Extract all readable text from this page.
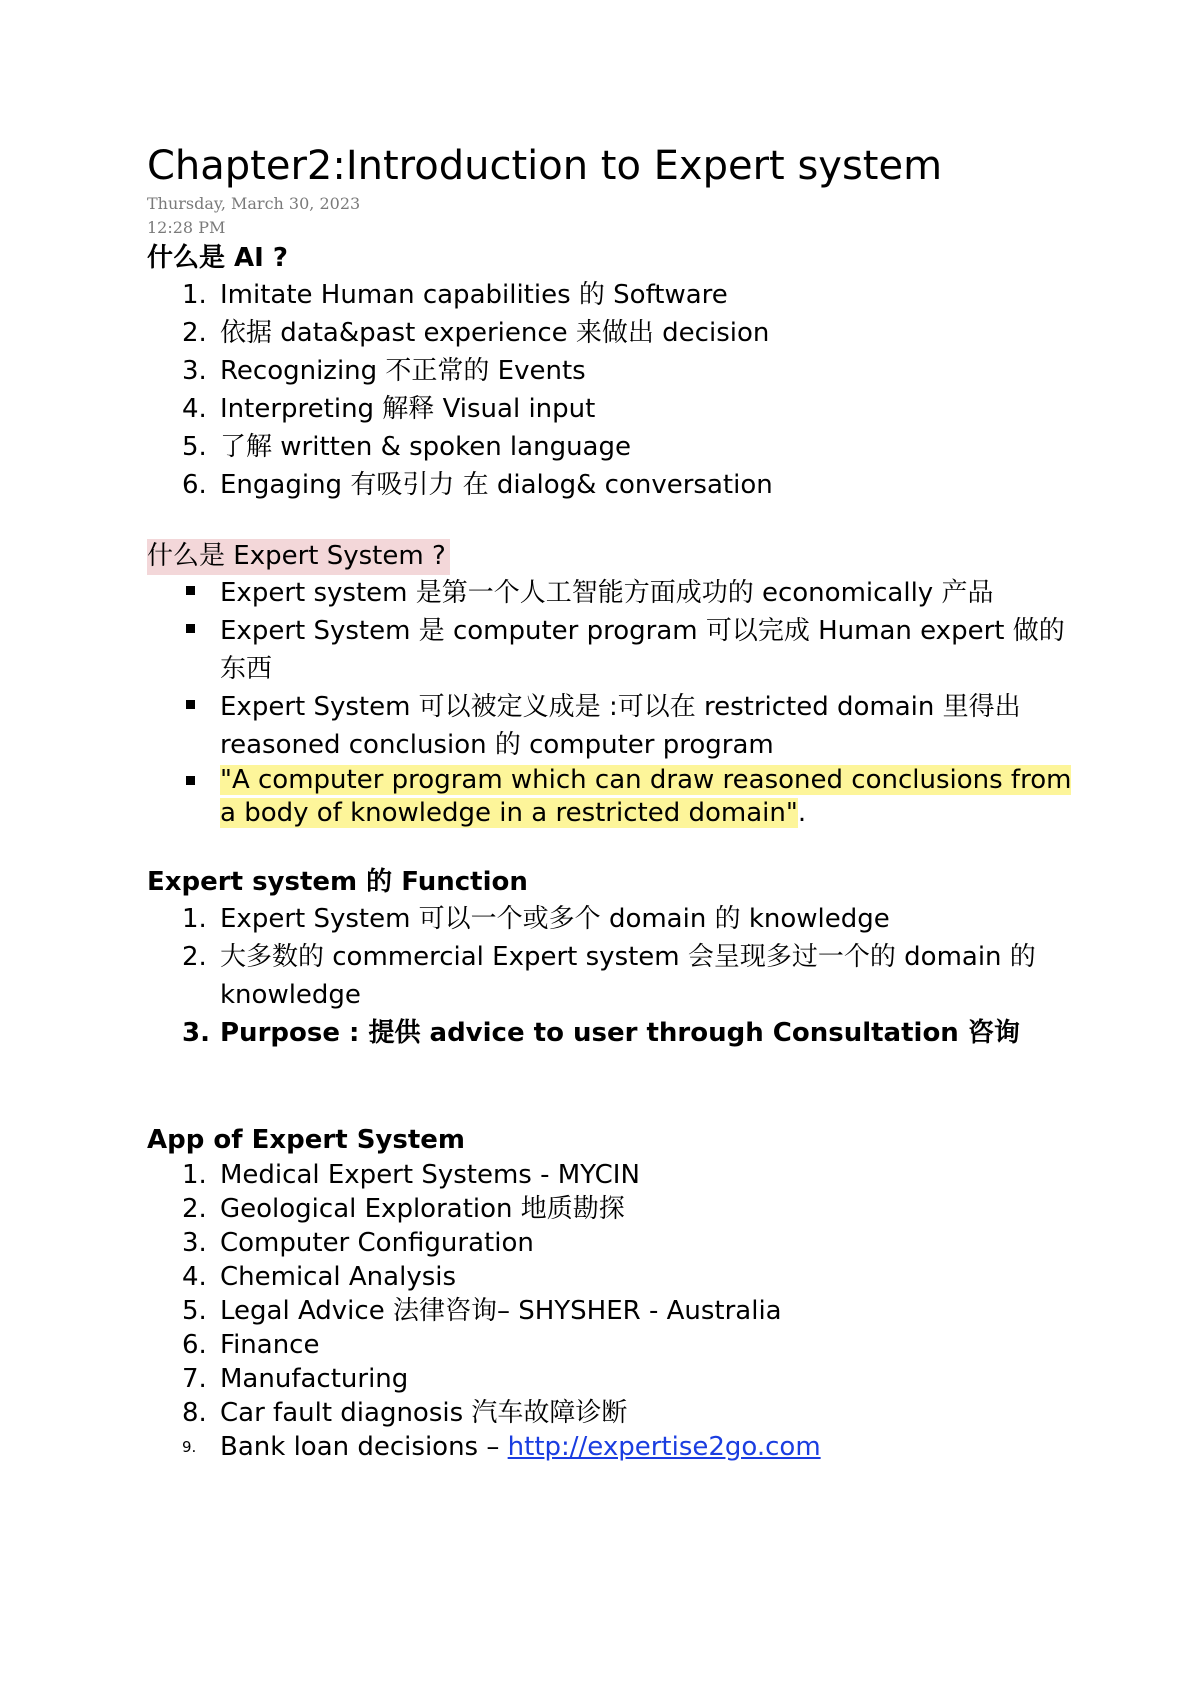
Chapter2:Introduction to Expert system
Thursday, March 30, 2023
12:28 PM
什么是 AI ?
1. Imitate Human capabilities 的 Software
2. 依据 data&past experience 来做出 decision
3. Recognizing 不正常的 Events
4. Interpreting 解释 Visual input
5. 了解 written & spoken language
6. Engaging 有吸引力 在 dialog& conversation
什么是 Expert System ?
Expert system 是第一个人工智能方面成功的 economically 产品
Expert System 是 computer program 可以完成 Human expert 做的东西
Expert System 可以被定义成是 :可以在 restricted domain 里得出 reasoned conclusion 的 computer program
"A computer program which can draw reasoned conclusions from a body of knowledge in a restricted domain".
Expert system 的 Function
1. Expert System 可以一个或多个 domain 的 knowledge
2. 大多数的 commercial Expert system 会呈现多过一个的 domain 的 knowledge
3. Purpose : 提供 advice to user through Consultation 咨询
App of Expert System
1. Medical Expert Systems - MYCIN
2. Geological Exploration 地质勘探
3. Computer Configuration
4. Chemical Analysis
5. Legal Advice 法律咨询– SHYSHER - Australia
6. Finance
7. Manufacturing
8. Car fault diagnosis 汽车故障诊断
9. Bank loan decisions – http://expertise2go.com
